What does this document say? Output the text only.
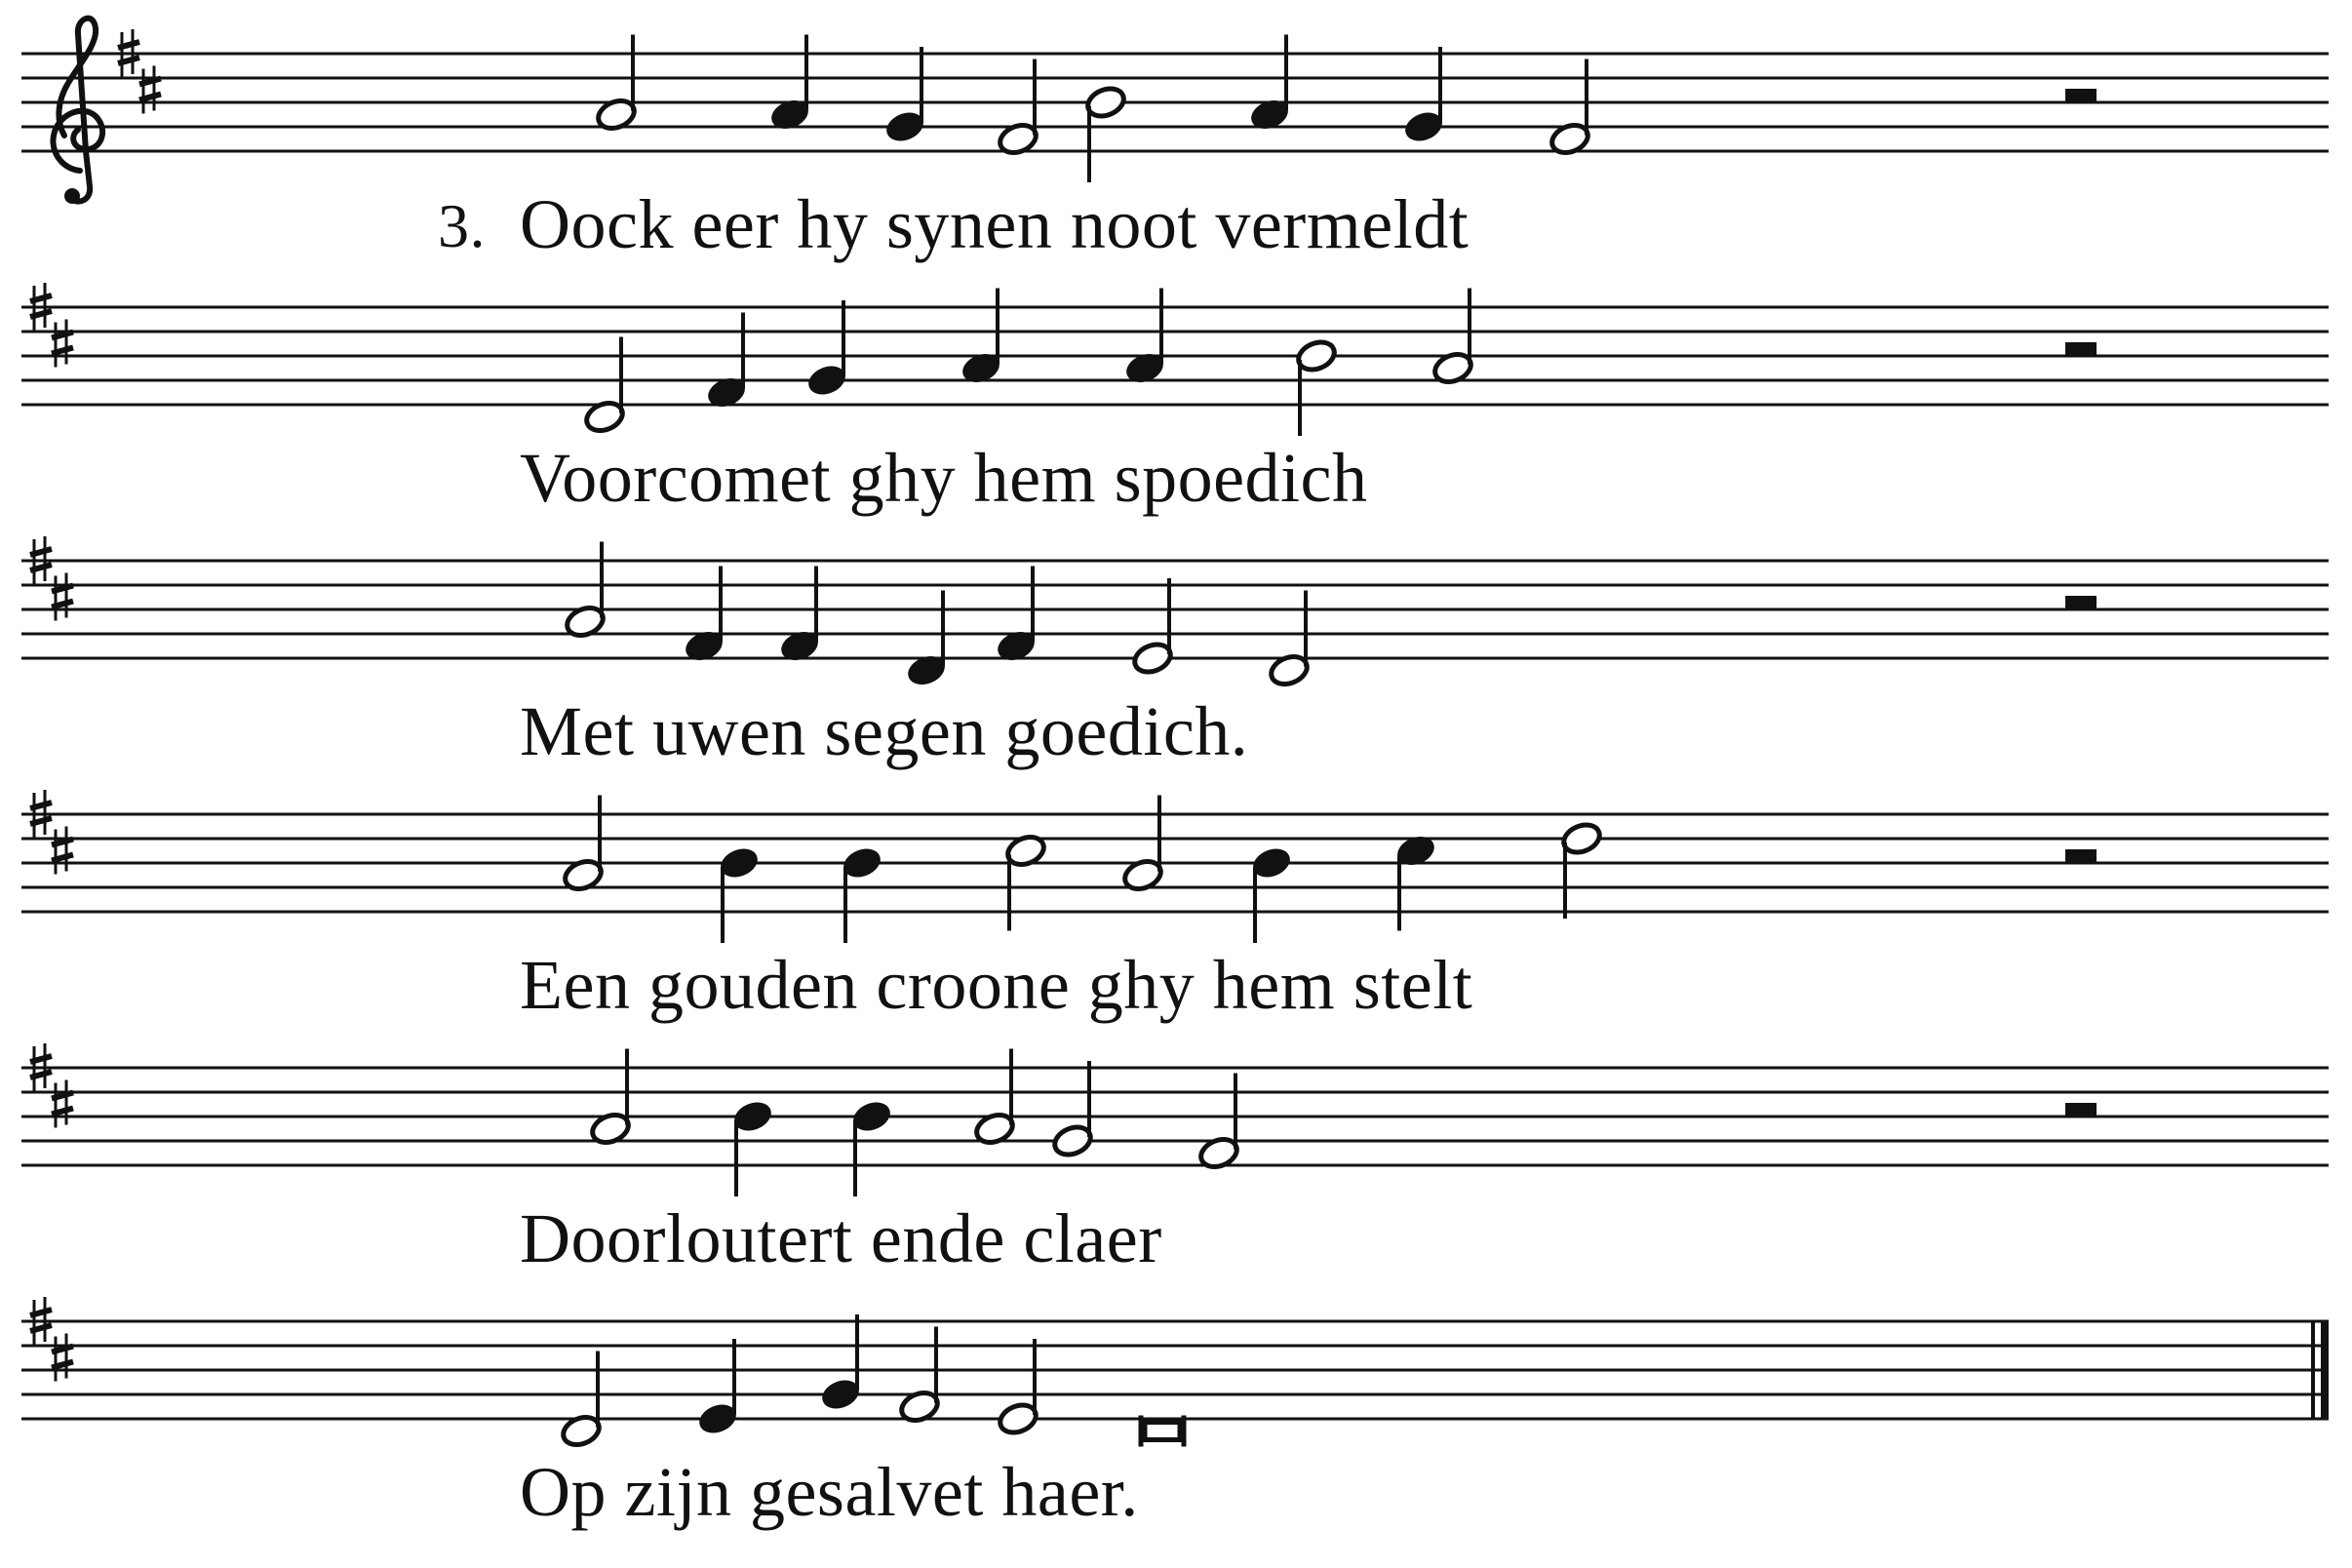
3. Oock eer hy synen noot vermeldt
Voorcomet ghy hem spoedich
Met uwen segen goedich.
Een gouden croone ghy hem stelt
Doorloutert ende claer
Op zijn gesalvet haer.
